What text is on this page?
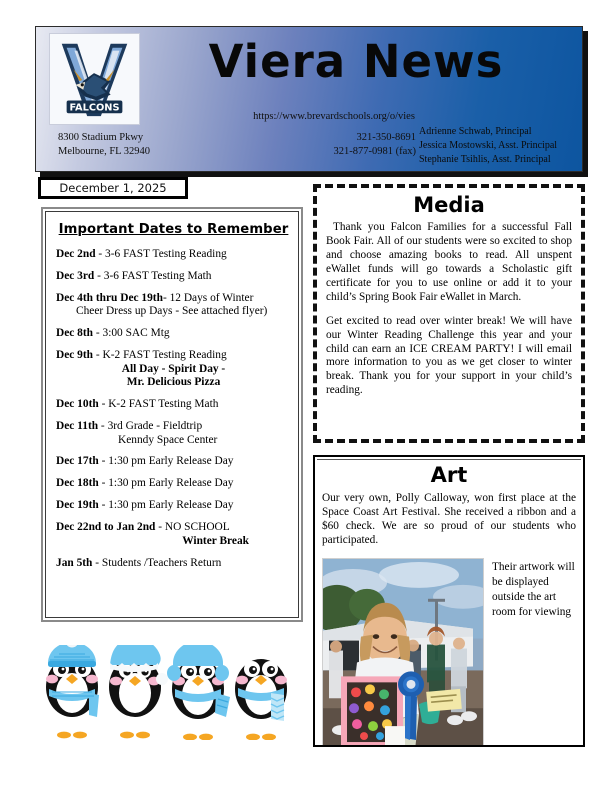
FALCONS
Viera News
https://www.brevardschools.org/o/vies
8300 Stadium Pkwy
Melbourne, FL 32940
321-350-8691
321-877-0981 (fax)
Adrienne Schwab, Principal
Jessica Mostowski, Asst. Principal
Stephanie Tsihlis, Asst. Principal
December 1, 2025
Important Dates to Remember
Dec 2nd - 3-6 FAST Testing Reading
Dec 3rd - 3-6 FAST Testing Math
Dec 4th thru Dec 19th- 12 Days of Winter
Cheer Dress up Days - See attached flyer)
Dec 8th - 3:00 SAC Mtg
Dec 9th - K-2 FAST Testing Reading
All Day - Spirit Day -
Mr. Delicious Pizza
Dec 10th - K-2 FAST Testing Math
Dec 11th - 3rd Grade - Fieldtrip
Kenndy Space Center
Dec 17th - 1:30 pm Early Release Day
Dec 18th - 1:30 pm Early Release Day
Dec 19th - 1:30 pm Early Release Day
Dec 22nd to Jan 2nd - NO SCHOOL
Winter Break
Jan 5th - Students /Teachers Return
Media

Thank you Falcon Families for a successful Fall Book Fair. All of our students were so excited to shop and choose amazing books to read. All unspent eWallet funds will go towards a Scholastic gift certificate for you to use online or add it to your child’s Spring Book Fair eWallet in March.

Get excited to read over winter break! We will have our Winter Reading Challenge this year and your child can earn an ICE CREAM PARTY! I will email more information to you as we get closer to winter break. Thank you for your support in your child’s reading.

Art

Our very own, Polly Calloway, won first place at the Space Coast Art Festival. She received a ribbon and a $60 check. We are so proud of our students who participated.

Their artwork will be displayed outside the art room for viewing
